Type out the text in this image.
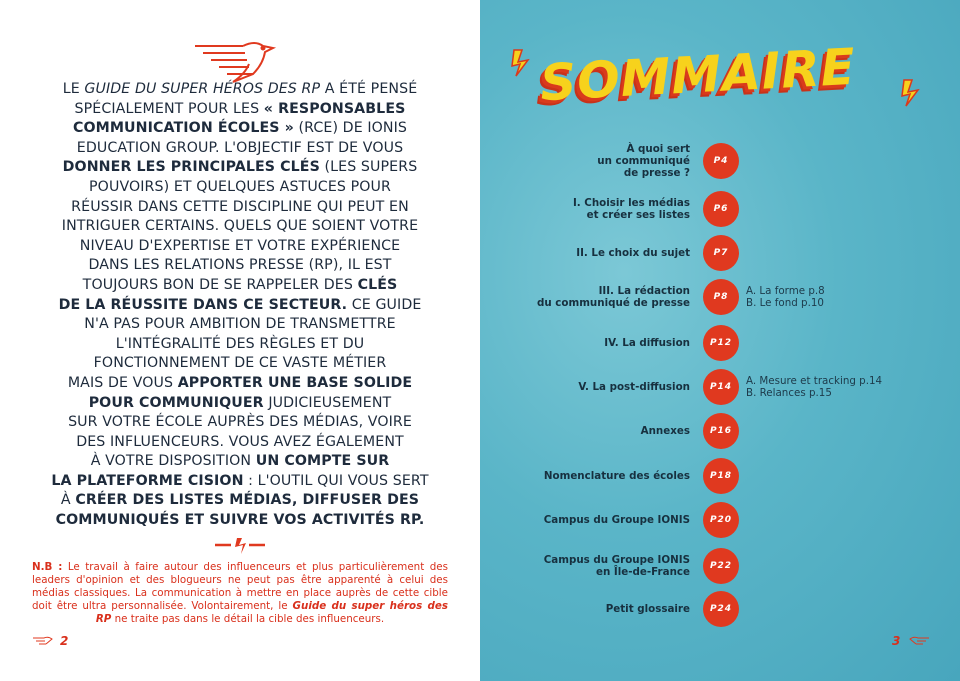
LE GUIDE DU SUPER HÉROS DES RP A ÉTÉ PENSÉ
SPÉCIALEMENT POUR LES « RESPONSABLES
COMMUNICATION ÉCOLES » (RCE) DE IONIS
EDUCATION GROUP. L'OBJECTIF EST DE VOUS
DONNER LES PRINCIPALES CLÉS (LES SUPERS
POUVOIRS) ET QUELQUES ASTUCES POUR
RÉUSSIR DANS CETTE DISCIPLINE QUI PEUT EN
INTRIGUER CERTAINS. QUELS QUE SOIENT VOTRE
NIVEAU D'EXPERTISE ET VOTRE EXPÉRIENCE
DANS LES RELATIONS PRESSE (RP), IL EST
TOUJOURS BON DE SE RAPPELER DES CLÉS
DE LA RÉUSSITE DANS CE SECTEUR. CE GUIDE
N'A PAS POUR AMBITION DE TRANSMETTRE
L'INTÉGRALITÉ DES RÈGLES ET DU
FONCTIONNEMENT DE CE VASTE MÉTIER
MAIS DE VOUS APPORTER UNE BASE SOLIDE
POUR COMMUNIQUER JUDICIEUSEMENT
SUR VOTRE ÉCOLE AUPRÈS DES MÉDIAS, VOIRE
DES INFLUENCEURS. VOUS AVEZ ÉGALEMENT
À VOTRE DISPOSITION UN COMPTE SUR
LA PLATEFORME CISION : L'OUTIL QUI VOUS SERT
À CRÉER DES LISTES MÉDIAS, DIFFUSER DES
COMMUNIQUÉS ET SUIVRE VOS ACTIVITÉS RP.

N.B : Le travail à faire autour des influenceurs et plus particulièrement des leaders d'opinion et des blogueurs ne peut pas être apparenté à celui des médias classiques. La communication à mettre en place auprès de cette cible doit être ultra personnalisée. Volontairement, le Guide du super héros des RP ne traite pas dans le détail la cible des influenceurs.

2
SOMMAIRE
À quoi sert
un communiqué
de presse ?
P4
I. Choisir les médias
et créer ses listes	P6
II. Le choix du sujet	P7
III. La rédaction
du communiqué de presse	P8	A. La forme p.8
B. Le fond p.10
IV. La diffusion	P12
V. La post-diffusion	P14	A. Mesure et tracking p.14
B. Relances p.15
Annexes	P16
Nomenclature des écoles	P18
Campus du Groupe IONIS	P20
Campus du Groupe IONIS
en Île-de-France	P22
Petit glossaire	P24
3
